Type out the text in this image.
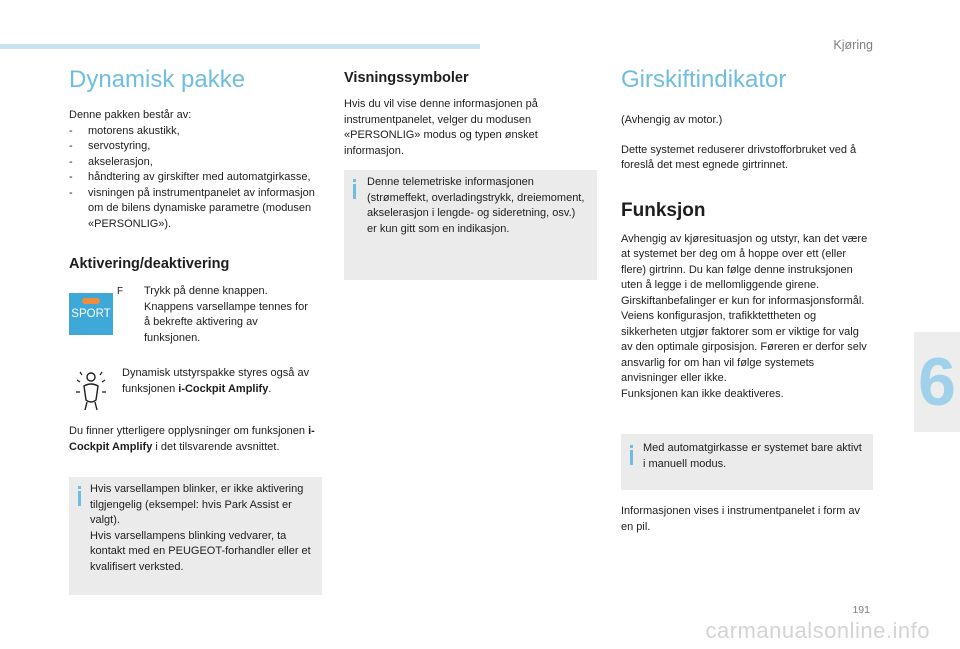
Kjøring
6
Dynamisk pakke

Denne pakken består av:

- motorens akustikk,
- servostyring,
- akselerasjon,
- håndtering av girskifter med automatgirkasse,
- visningen på instrumentpanelet av informasjon om de bilens dynamiske parametre (modusen «PERSONLIG»).
Aktivering/deaktivering
F Trykk på denne knappen. Knappens varsellampe tennes for å bekrefte aktivering av funksjonen.

Dynamisk utstyrspakke styres også av funksjonen i-Cockpit Amplify.

Du finner ytterligere opplysninger om funksjonen i-Cockpit Amplify i det tilsvarende avsnittet.

Hvis varsellampen blinker, er ikke aktivering tilgjengelig (eksempel: hvis Park Assist er valgt).

Hvis varsellampens blinking vedvarer, ta kontakt med en PEUGEOT-forhandler eller et kvalifisert verksted.

SPORT
Visningssymboler

Hvis du vil vise denne informasjonen på instrumentpanelet, velger du modusen «PERSONLIG» modus og typen ønsket informasjon.

Denne telemetriske informasjonen (strømeffekt, overladingstrykk, dreiemoment, akselerasjon i lengde- og sideretning, osv.) er kun gitt som en indikasjon.

Girskiftindikator

(Avhengig av motor.)

Dette systemet reduserer drivstofforbruket ved å foreslå det mest egnede girtrinnet.

Funksjon

Avhengig av kjøresituasjon og utstyr, kan det være at systemet ber deg om å hoppe over ett (eller flere) girtrinn. Du kan følge denne instruksjonen uten å legge i de mellomliggende girene.

Girskiftanbefalinger er kun for informasjonsformål. Veiens konfigurasjon, trafikktettheten og sikkerheten utgjør faktorer som er viktige for valg av den optimale girposisjon. Føreren er derfor selv ansvarlig for om han vil følge systemets anvisninger eller ikke.

Funksjonen kan ikke deaktiveres.

Med automatgirkasse er systemet bare aktivt i manuell modus.

Informasjonen vises i instrumentpanelet i form av en pil.

191
carmanualsonline.info
